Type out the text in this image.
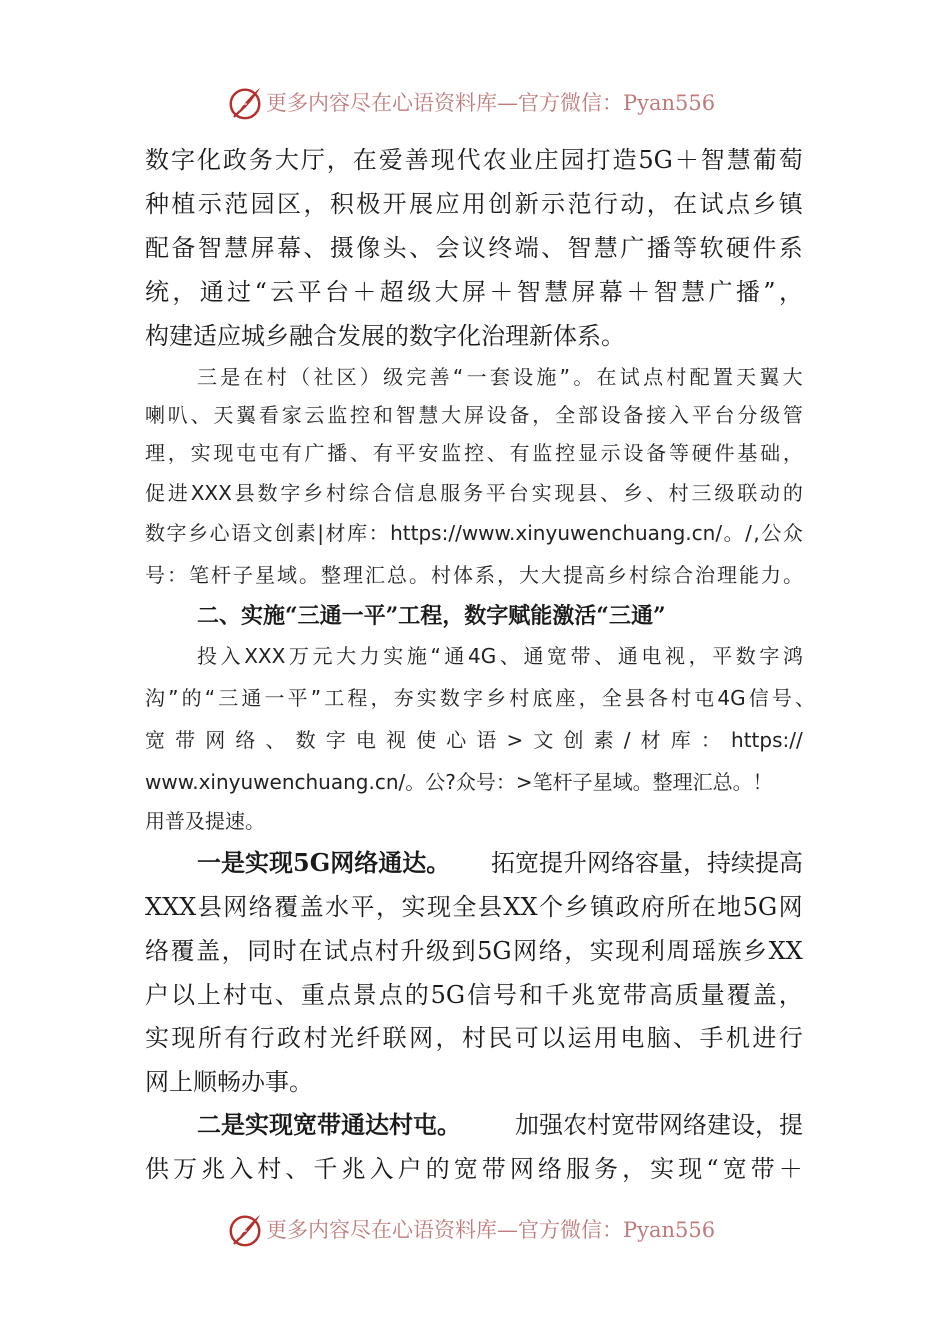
更多内容尽在心语资料库—官方微信：Pyan556
数 字 化 政 务 大 厅 ， 在 爱 善 现 代 农 业 庄 园 打 造 5G ＋ 智 慧 葡 萄
种 植 示 范 园 区 ， 积 极 开 展 应 用 创 新 示 范 行 动 ， 在 试 点 乡 镇
配 备 智 慧 屏 幕 、 摄 像 头 、 会 议 终 端 、 智 慧 广 播 等 软 硬 件 系
统 ， 通 过 “ 云 平 台 ＋ 超 级 大 屏 ＋ 智 慧 屏 幕 ＋ 智 慧 广 播 ” ，
构建适应城乡融合发展的数字化治理新体系。
三 是 在 村 （ 社 区 ） 级 完 善 “ 一 套 设 施 ” 。 在 试 点 村 配 置 天 翼 大
喇 叭 、 天 翼 看 家 云 监 控 和 智 慧 大 屏 设 备 ， 全 部 设 备 接 入 平 台 分 级 管
理 ， 实 现 屯 屯 有 广 播 、 有 平 安 监 控 、 有 监 控 显 示 设 备 等 硬 件 基 础 ，
促 进 XXX 县 数 字 乡 村 综 合 信 息 服 务 平 台 实 现 县 、 乡 、 村 三 级 联 动 的
数 字 乡 心 语 文 创 素 | 材 库 ： https://www.xinyuwenchuang.cn/ 。 / , 公 众
号 ： 笔 杆 子 星 域 。 整 理 汇 总 。 村 体 系 ， 大 大 提 高 乡 村 综 合 治 理 能 力 。
二、实施“三通一平”工程，数字赋能激活“三通”
投 入 XXX 万 元 大 力 实 施 “ 通 4G 、 通 宽 带 、 通 电 视 ， 平 数 字 鸿
沟 ” 的 “ 三 通 一 平 ” 工 程 ， 夯 实 数 字 乡 村 底 座 ， 全 县 各 村 屯 4G 信 号 、
宽 带 网 络 、 数 字 电 视 使 心 语 > 文 创 素 / 材 库 ： https://
www.xinyuwenchuang.cn/。公?众号：>笔杆子星域。整理汇总。！
用普及提速。
一是实现5G网络通达。 拓宽提升网络容量，持续提高
XXX 县 网 络 覆 盖 水 平 ， 实 现 全 县 XX 个 乡 镇 政 府 所 在 地 5G 网
络 覆 盖 ， 同 时 在 试 点 村 升 级 到 5G 网 络 ， 实 现 利 周 瑶 族 乡 XX
户 以 上 村 屯 、 重 点 景 点 的 5G 信 号 和 千 兆 宽 带 高 质 量 覆 盖 ，
实 现 所 有 行 政 村 光 纤 联 网 ， 村 民 可 以 运 用 电 脑 、 手 机 进 行
网上顺畅办事。
二是实现宽带通达村屯。 加强农村宽带网络建设，提
供 万 兆 入 村 、 千 兆 入 户 的 宽 带 网 络 服 务 ， 实 现 “ 宽 带 ＋
更多内容尽在心语资料库—官方微信：Pyan556
